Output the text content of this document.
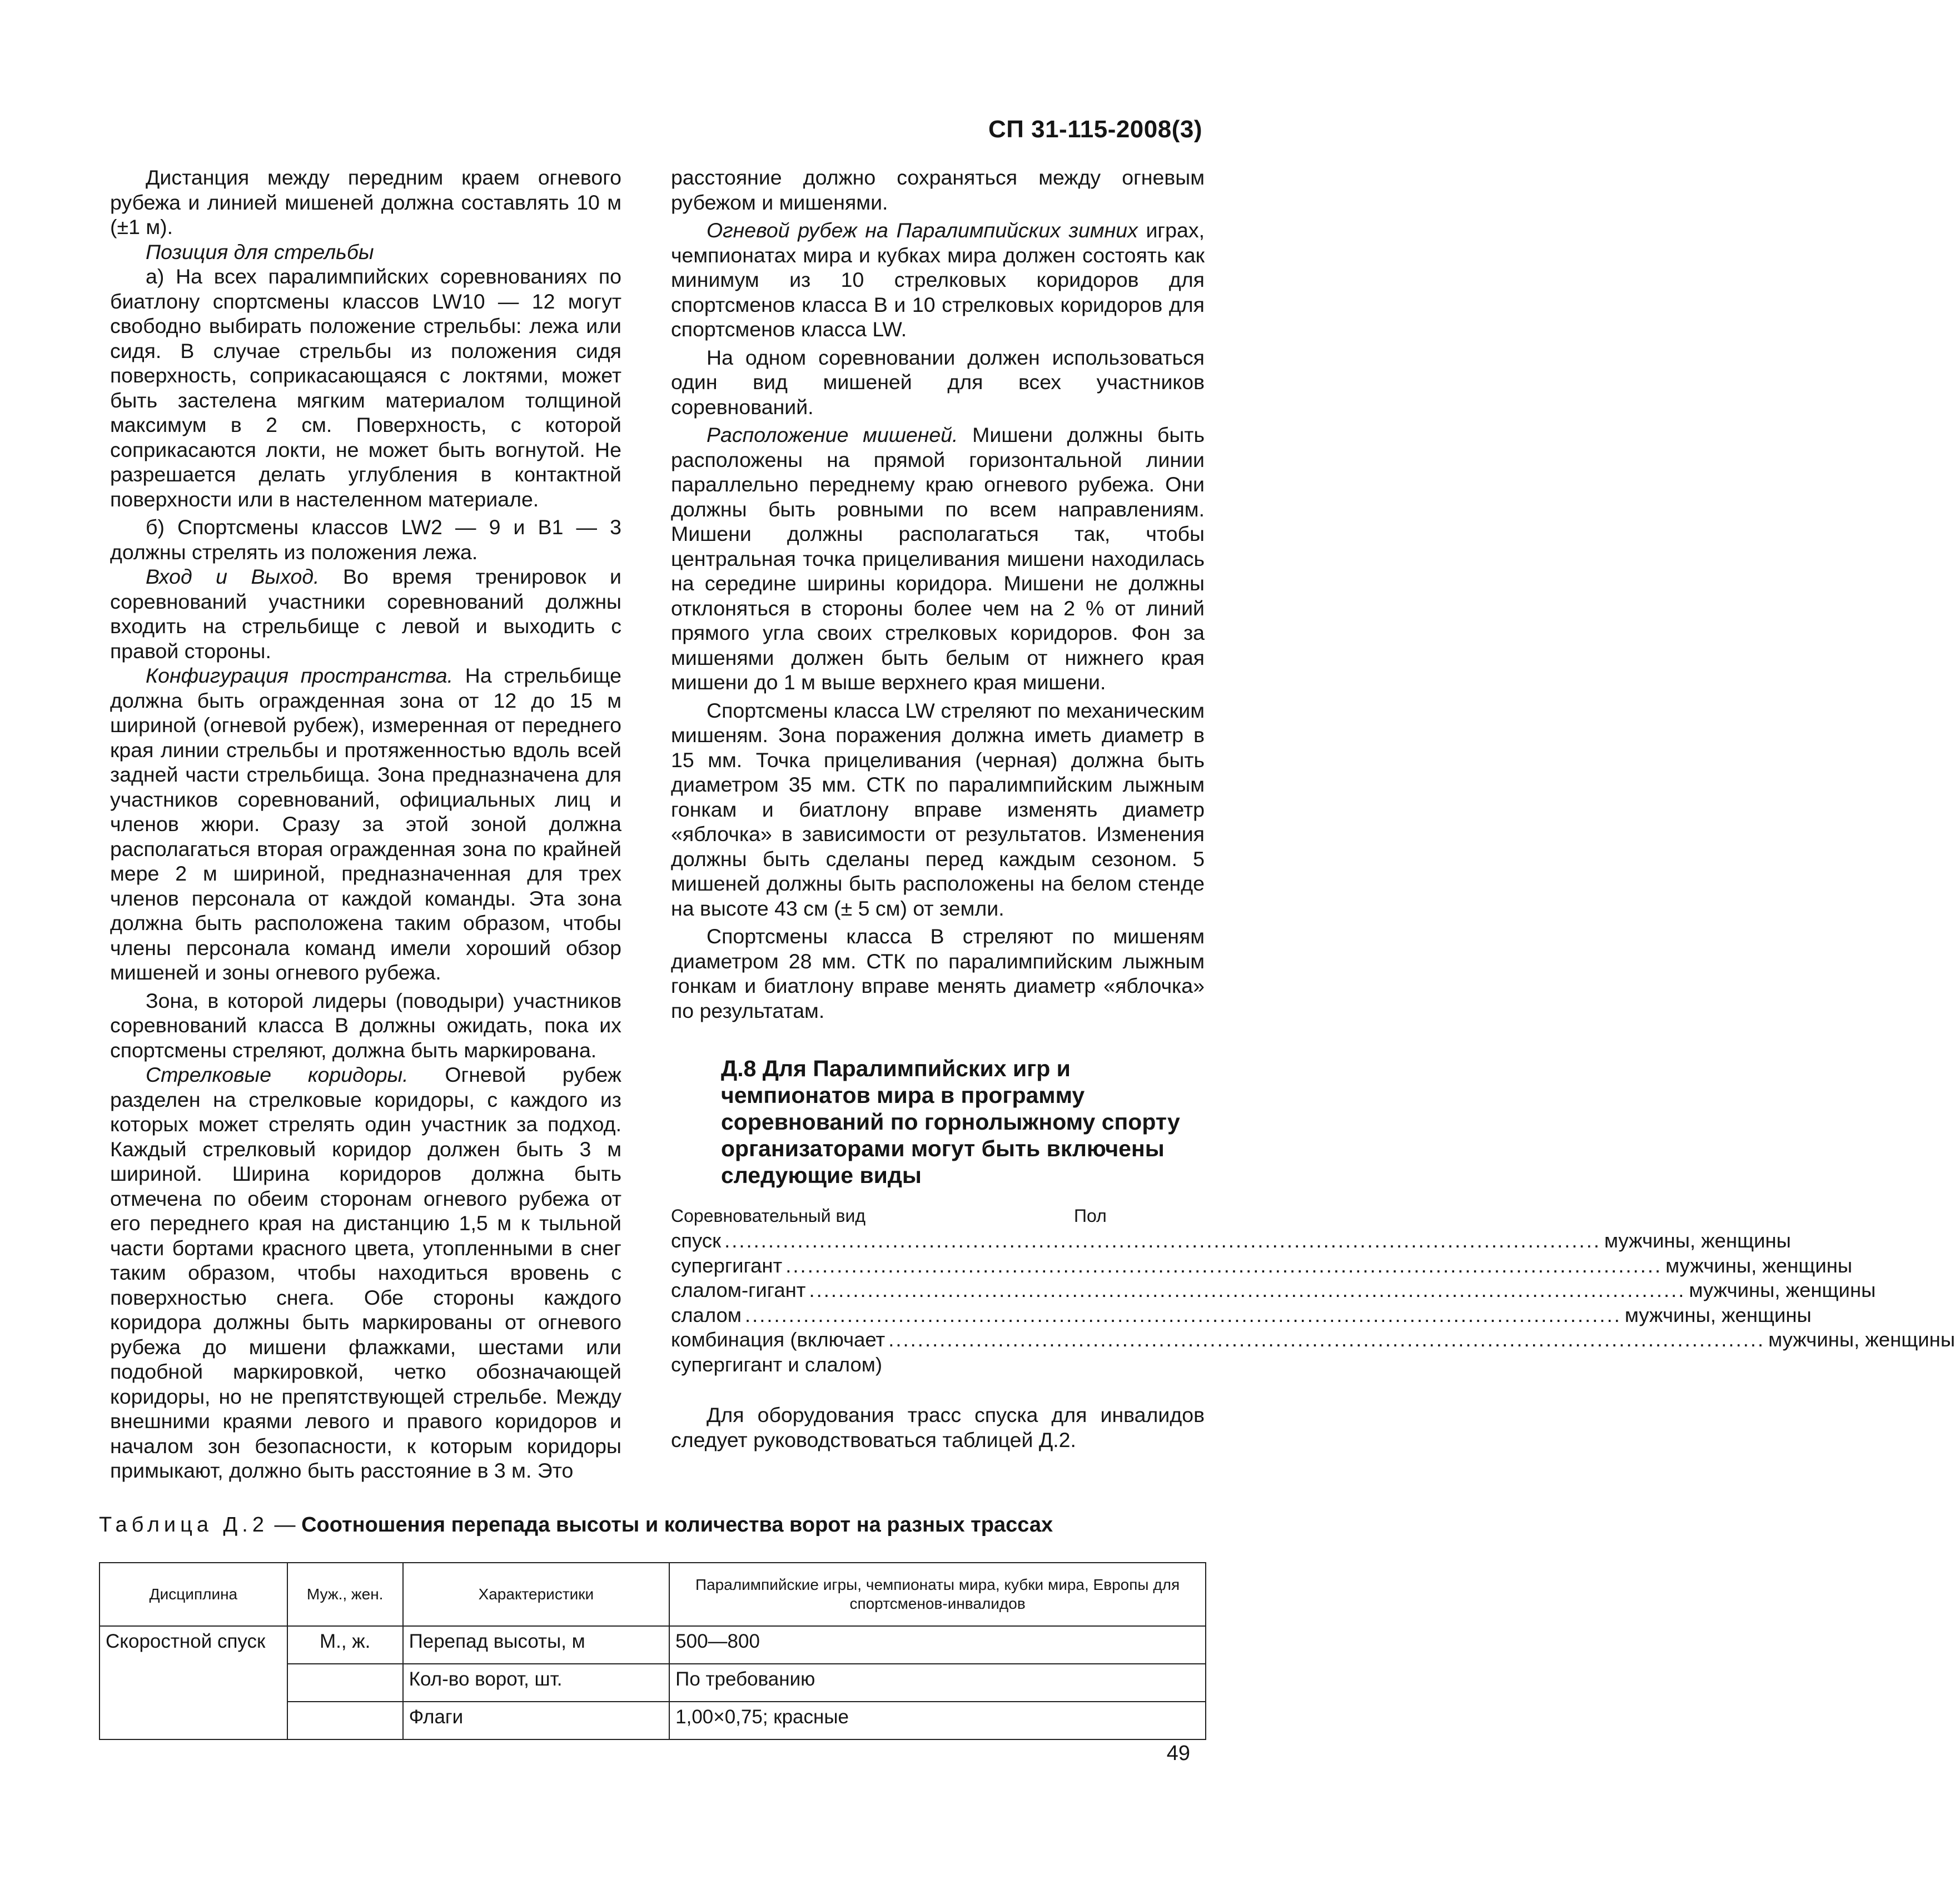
СП 31-115-2008(3)

Дистанция между передним краем огневого рубежа и линией мишеней должна составлять 10 м (±1 м).

Позиция для стрельбы

а) На всех паралимпийских соревнованиях по биатлону спортсмены классов LW10 — 12 могут свободно выбирать положение стрельбы: лежа или сидя. В случае стрельбы из положения сидя поверхность, соприкасающаяся с локтями, может быть застелена мягким материалом толщиной максимум в 2 см. Поверхность, с которой соприкасаются локти, не может быть вогнутой. Не разрешается делать углубления в контактной поверхности или в настеленном материале.

б) Спортсмены классов LW2 — 9 и В1 — 3 должны стрелять из положения лежа.

Вход и Выход. Во время тренировок и соревнований участники соревнований должны входить на стрельбище с левой и выходить с правой стороны.

Конфигурация пространства. На стрельбище должна быть огражденная зона от 12 до 15 м шириной (огневой рубеж), измеренная от переднего края линии стрельбы и протяженностью вдоль всей задней части стрельбища. Зона предназначена для участников соревнований, официальных лиц и членов жюри. Сразу за этой зоной должна располагаться вторая огражденная зона по крайней мере 2 м шириной, предназначенная для трех членов персонала от каждой команды. Эта зона должна быть расположена таким образом, чтобы члены персонала команд имели хороший обзор мишеней и зоны огневого рубежа.

Зона, в которой лидеры (поводыри) участников соревнований класса В должны ожидать, пока их спортсмены стреляют, должна быть маркирована.

Стрелковые коридоры. Огневой рубеж разделен на стрелковые коридоры, с каждого из которых может стрелять один участник за подход. Каждый стрелковый коридор должен быть 3 м шириной. Ширина коридоров должна быть отмечена по обеим сторонам огневого рубежа от его переднего края на дистанцию 1,5 м к тыльной части бортами красного цвета, утопленными в снег таким образом, чтобы находиться вровень с поверхностью снега. Обе стороны каждого коридора должны быть маркированы от огневого рубежа до мишени флажками, шестами или подобной маркировкой, четко обозначающей коридоры, но не препятствующей стрельбе. Между внешними краями левого и правого коридоров и началом зон безопасности, к которым коридоры примыкают, должно быть расстояние в 3 м. Это

расстояние должно сохраняться между огневым рубежом и мишенями.

Огневой рубеж на Паралимпийских зимних играх, чемпионатах мира и кубках мира должен состоять как минимум из 10 стрелковых коридоров для спортсменов класса В и 10 стрелковых коридоров для спортсменов класса LW.

На одном соревновании должен использоваться один вид мишеней для всех участников соревнований.

Расположение мишеней. Мишени должны быть расположены на прямой горизонтальной линии параллельно переднему краю огневого рубежа. Они должны быть ровными по всем направлениям. Мишени должны располагаться так, чтобы центральная точка прицеливания мишени находилась на середине ширины коридора. Мишени не должны отклоняться в стороны более чем на 2 % от линий прямого угла своих стрелковых коридоров. Фон за мишенями должен быть белым от нижнего края мишени до 1 м выше верхнего края мишени.

Спортсмены класса LW стреляют по механическим мишеням. Зона поражения должна иметь диаметр в 15 мм. Точка прицеливания (черная) должна быть диаметром 35 мм. СТК по паралимпийским лыжным гонкам и биатлону вправе изменять диаметр «яблочка» в зависимости от результатов. Изменения должны быть сделаны перед каждым сезоном. 5 мишеней должны быть расположены на белом стенде на высоте 43 см (± 5 см) от земли.

Спортсмены класса В стреляют по мишеням диаметром 28 мм. СТК по паралимпийским лыжным гонкам и биатлону вправе менять диаметр «яблочка» по результатам.

Д.8 Для Паралимпийских игр и чемпионатов мира в программу соревнований по горнолыжному спорту организаторами могут быть включены следующие виды
Соревновательный вид	Пол
спуск ........................................................................................................................ мужчины, женщины
супергигант ........................................................................................................................ мужчины, женщины
слалом-гигант ........................................................................................................................ мужчины, женщины
слалом ........................................................................................................................ мужчины, женщины
комбинация (включает ........................................................................................................................ мужчины, женщины
супергигант и слалом)

Для оборудования трасс спуска для инвалидов следует руководствоваться таблицей Д.2.

Таблица Д.2 — Соотношения перепада высоты и количества ворот на разных трассах
Дисциплина	Муж., жен.	Характеристики	Паралимпийские игры, чемпионаты мира, кубки мира, Европы для спортсменов-инвалидов
Скоростной спуск	М., ж.	Перепад высоты, м	500—800
		Кол-во ворот, шт.	По требованию
		Флаги	1,00×0,75; красные
49
